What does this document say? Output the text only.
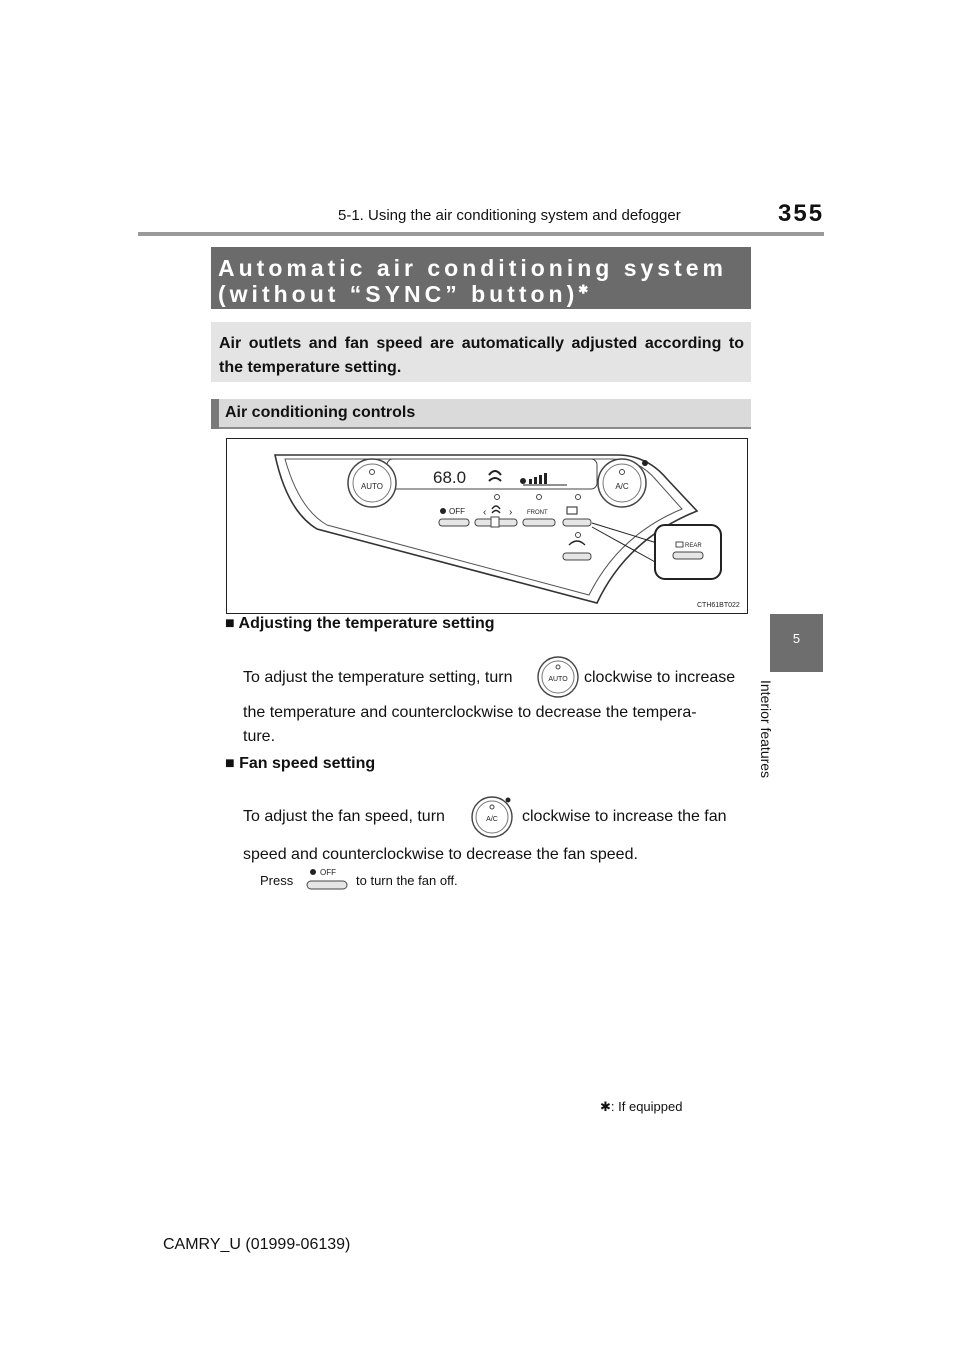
5-1. Using the air conditioning system and defogger	355
Automatic air conditioning system
(without “SYNC” button)✱
Air outlets and fan speed are automatically adjusted according to the temperature setting.
Air conditioning controls
68.0
AUTO	A/C
OFF ‹ › FRONT
REAR
CTH61BT022
■ Adjusting the temperature setting
To adjust the temperature setting, turn	AUTO clockwise to increase
the temperature and counterclockwise to decrease the tempera-
ture.
■ Fan speed setting
To adjust the fan speed, turn	A/C clockwise to increase the fan
speed and counterclockwise to decrease the fan speed.
Press
OFF
to turn the fan off.
5
Interior features
✱: If equipped
CAMRY_U (01999-06139)
